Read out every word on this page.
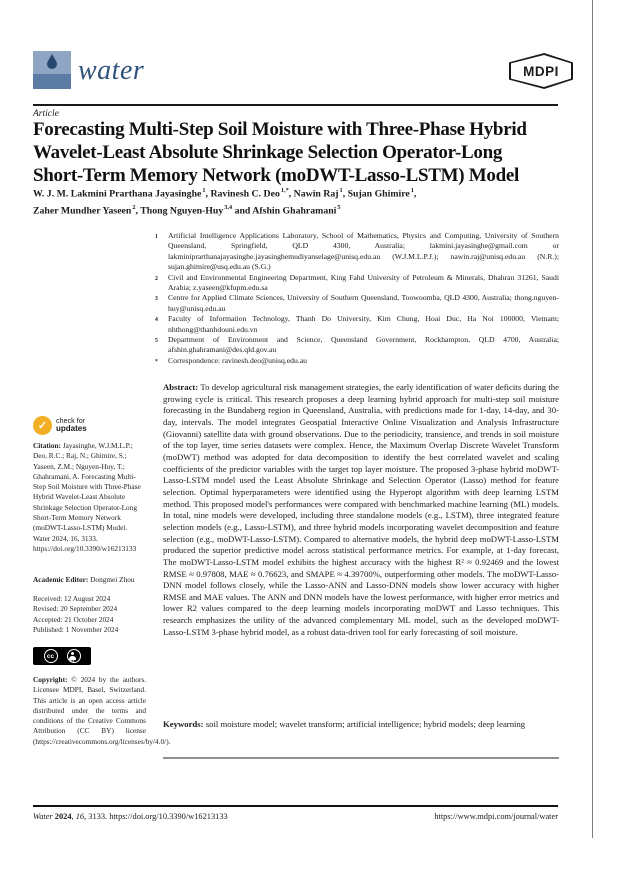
water	MDPI
Article
Forecasting Multi-Step Soil Moisture with Three-Phase Hybrid
Wavelet-Least Absolute Shrinkage Selection Operator-Long
Short-Term Memory Network (moDWT-Lasso-LSTM) Model
W. J. M. Lakmini Prarthana Jayasinghe$^1$, Ravinesh C. Deo$^{1,*}$, Nawin Raj$^1$, Sujan Ghimire$^1$,
Zaher Mundher Yaseen$^2$, Thong Nguyen-Huy$^{3,4}$ and Afshin Ghahramani$^5$
1	Artificial Intelligence Applications Laboratory, School of Mathematics, Physics and Computing, University of Southern Queensland, Springfield, QLD 4300, Australia; lakmini.jayasinghe@gmail.com or lakminiprarthanajayasinghe.jayasinghemudiyanselage@unisq.edu.au (W.J.M.L.P.J.); nawin.raj@unisq.edu.au (N.R.); sujan.ghimire@usq.edu.au (S.G.)
2	Civil and Environmental Engineering Department, King Fahd University of Petroleum & Minerals, Dhahran 31261, Saudi Arabia; z.yaseen@kfupm.edu.sa
3	Centre for Applied Climate Sciences, University of Southern Queensland, Toowoomba, QLD 4300, Australia; thong.nguyen-huy@unisq.edu.au
4	Faculty of Information Technology, Thanh Do University, Kim Chung, Hoai Duc, Ha Noi 100000, Vietnam; nhthong@thanhdouni.edu.vn
5	Department of Environment and Science, Queensland Government, Rockhampton, QLD 4700, Australia; afshin.ghahramani@des.qld.gov.au
*	Correspondence: ravinesh.deo@unisq.edu.au

Abstract: To develop agricultural risk management strategies, the early identification of water deficits during the growing cycle is critical. This research proposes a deep learning hybrid approach for multi-step soil moisture forecasting in the Bundaberg region in Queensland, Australia, with predictions made for 1-day, 14-day, and 30-day, intervals. The model integrates Geospatial Interactive Online Visualization and Analysis Infrastructure (Giovanni) satellite data with ground observations. Due to the periodicity, transience, and trends in soil moisture of the top layer, time series datasets were complex. Hence, the Maximum Overlap Discrete Wavelet Transform (moDWT) method was adopted for data decomposition to identify the best correlated wavelet and scaling coefficients of the predictor variables with the target top layer moisture. The proposed 3-phase hybrid moDWT-Lasso-LSTM model used the Least Absolute Shrinkage and Selection Operator (Lasso) method for feature selection. Optimal hyperparameters were identified using the Hyperopt algorithm with deep learning LSTM method. This proposed model's performances were compared with benchmarked machine learning (ML) models. In total, nine models were developed, including three standalone models (e.g., LSTM), three integrated feature selection models (e.g., Lasso-LSTM), and three hybrid models incorporating wavelet decomposition and feature selection (e.g., moDWT-Lasso-LSTM). Compared to alternative models, the hybrid deep moDWT-Lasso-LSTM produced the superior predictive model across statistical performance metrics. For example, at 1-day forecast, The moDWT-Lasso-LSTM model exhibits the highest accuracy with the highest R² ≈ 0.92469 and the lowest RMSE ≈ 0.97808, MAE ≈ 0.76623, and SMAPE ≈ 4.39700%, outperforming other models. The moDWT-Lasso-DNN model follows closely, while the Lasso-ANN and Lasso-DNN models show lower accuracy with higher RMSE and MAE values. The ANN and DNN models have the lowest performance, with higher error metrics and lower R2 values compared to the deep learning models incorporating moDWT and Lasso techniques. This research emphasizes the utility of the advanced complementary ML model, such as the developed moDWT-Lasso-LSTM 3-phase hybrid model, as a robust data-driven tool for early forecasting of soil moisture.

Keywords: soil moisture model; wavelet transform; artificial intelligence; hybrid models; deep learning

✓	check for
updates

Citation: Jayasinghe, W.J.M.L.P.; Deo, R.C.; Raj, N.; Ghimire, S.; Yaseen, Z.M.; Nguyen-Huy, T.; Ghahramani, A. Forecasting Multi-Step Soil Moisture with Three-Phase Hybrid Wavelet-Least Absolute Shrinkage Selection Operator-Long Short-Term Memory Network (moDWT-Lasso-LSTM) Model. Water 2024, 16, 3133. https://doi.org/10.3390/w16213133

Academic Editor: Dongmei Zhou

Received: 12 August 2024
Revised: 20 September 2024
Accepted: 21 October 2024
Published: 1 November 2024
cc
BY

Copyright: © 2024 by the authors. Licensee MDPI, Basel, Switzerland. This article is an open access article distributed under the terms and conditions of the Creative Commons Attribution (CC BY) license (https://creativecommons.org/licenses/by/4.0/).

Water 2024, 16, 3133. https://doi.org/10.3390/w16213133	https://www.mdpi.com/journal/water
